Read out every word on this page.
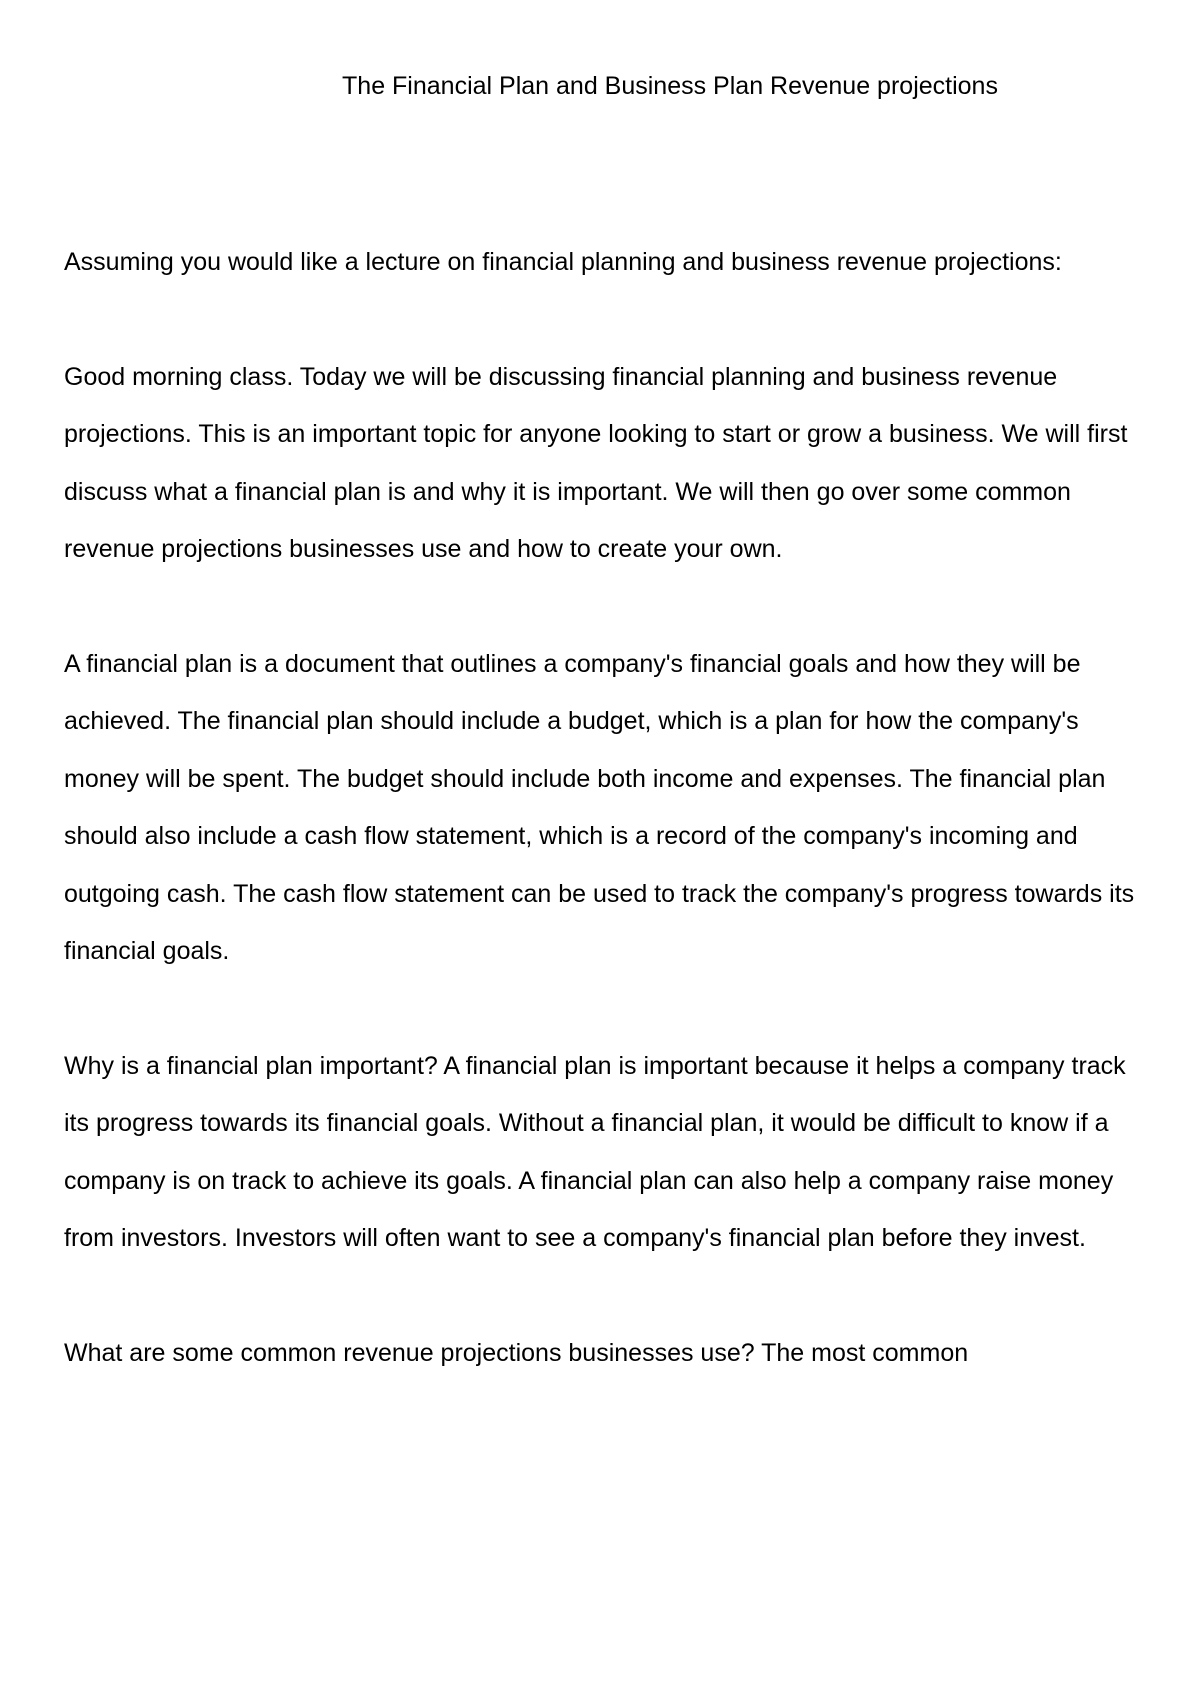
The Financial Plan and Business Plan Revenue projections

Assuming you would like a lecture on financial planning and business revenue projections:

Good morning class. Today we will be discussing financial planning and business revenue projections. This is an important topic for anyone looking to start or grow a business. We will first discuss what a financial plan is and why it is important. We will then go over some common revenue projections businesses use and how to create your own.

A financial plan is a document that outlines a company's financial goals and how they will be achieved. The financial plan should include a budget, which is a plan for how the company's money will be spent. The budget should include both income and expenses. The financial plan should also include a cash flow statement, which is a record of the company's incoming and outgoing cash. The cash flow statement can be used to track the company's progress towards its financial goals.

Why is a financial plan important? A financial plan is important because it helps a company track its progress towards its financial goals. Without a financial plan, it would be difficult to know if a company is on track to achieve its goals. A financial plan can also help a company raise money from investors. Investors will often want to see a company's financial plan before they invest.

What are some common revenue projections businesses use? The most common
